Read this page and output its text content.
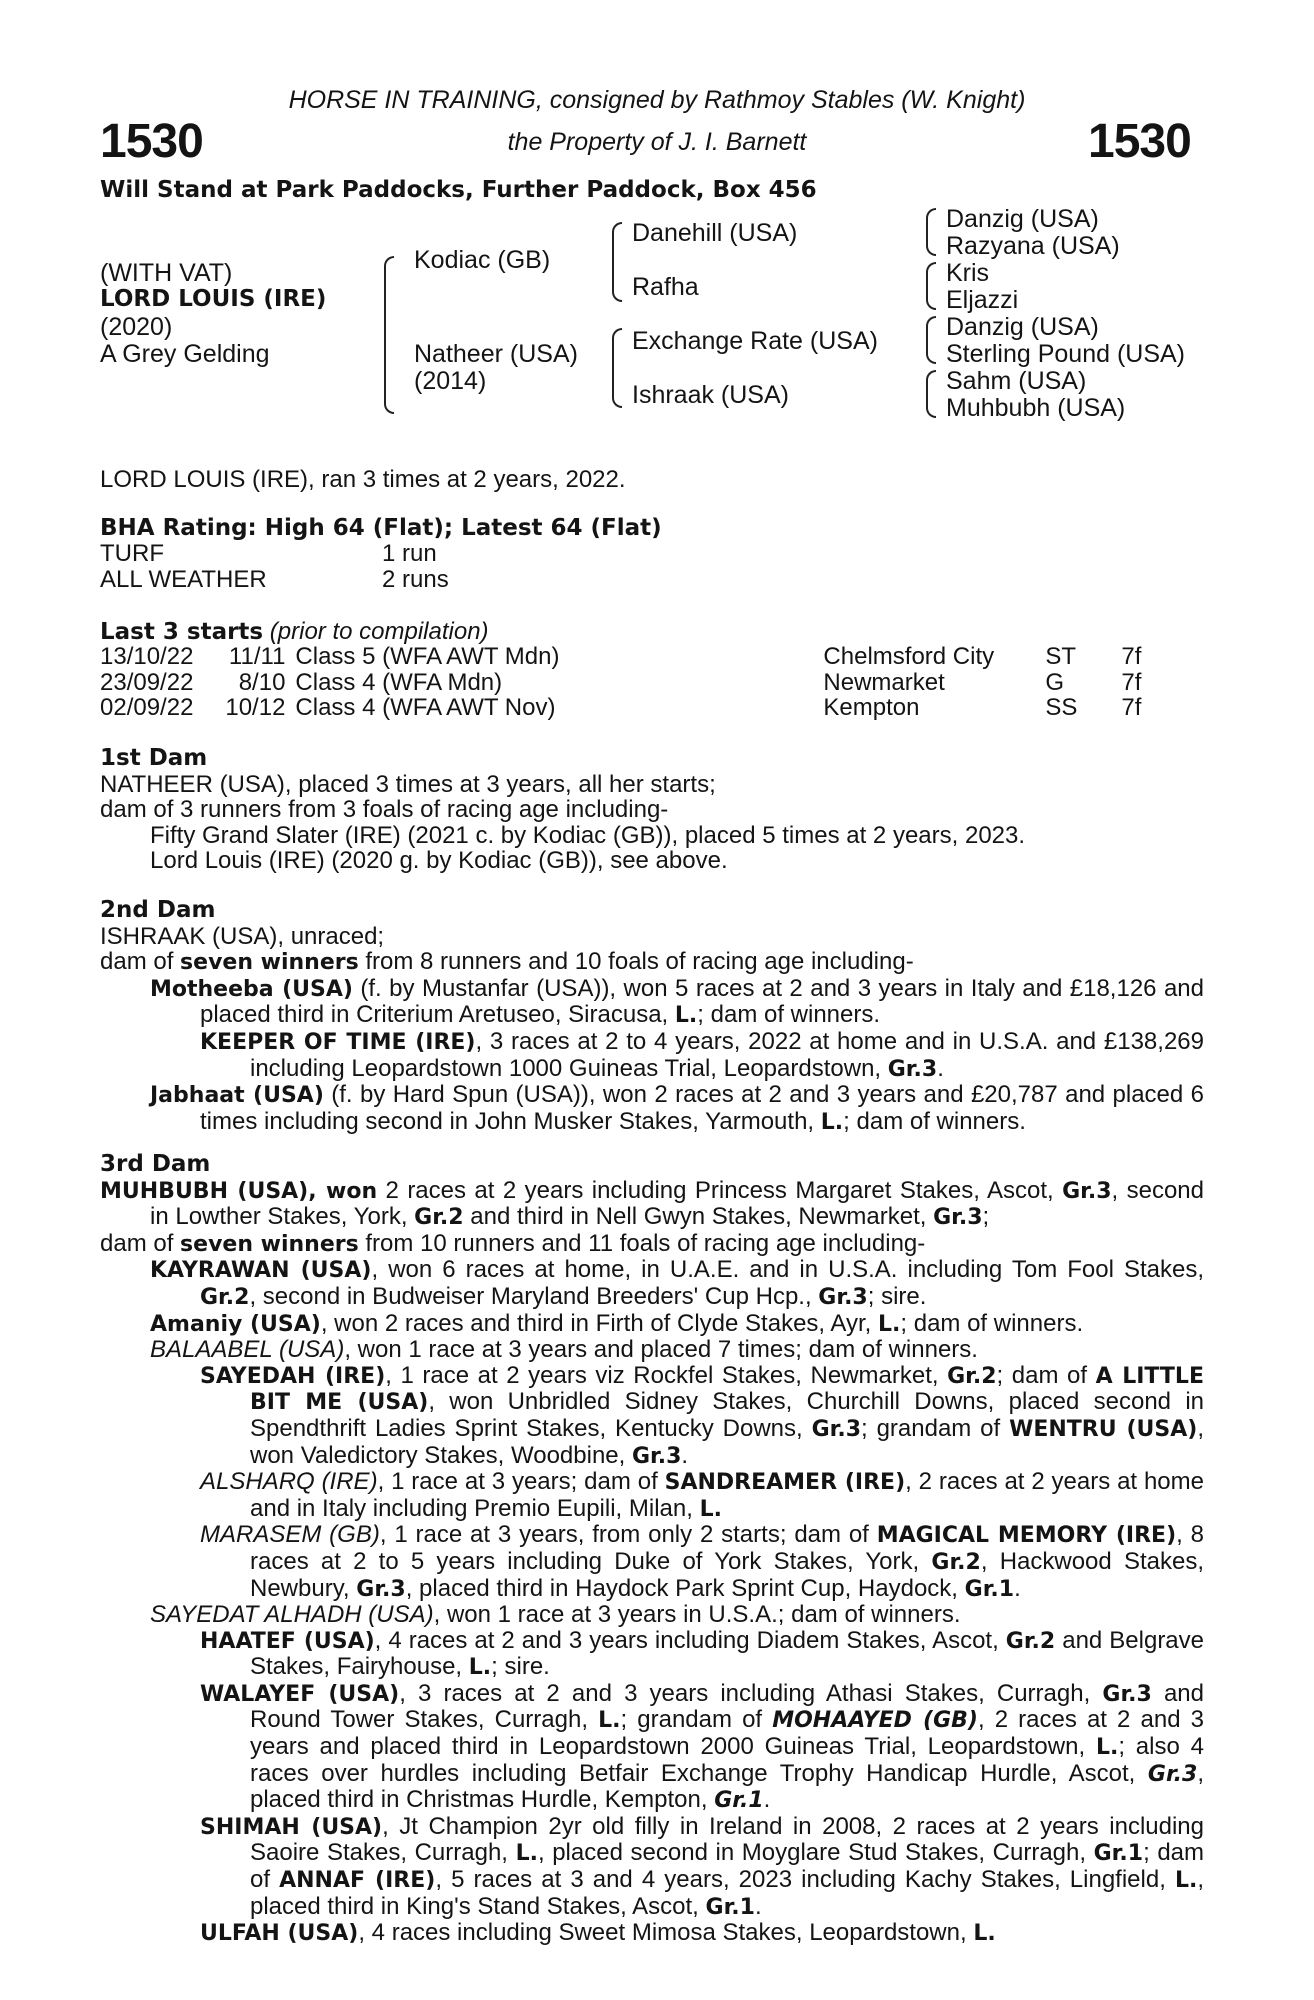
HORSE IN TRAINING, consigned by Rathmoy Stables (W. Knight)
the Property of J. I. Barnett
1530	1530
Will Stand at Park Paddocks, Further Paddock, Box 456
(WITH VAT)
LORD LOUIS (IRE)
(2020)
A Grey Gelding
Kodiac (GB)
Natheer (USA)
(2014)
Danehill (USA)
Rafha
Exchange Rate (USA)
Ishraak (USA)
Danzig (USA)
Razyana (USA)
Kris
Eljazzi
Danzig (USA)
Sterling Pound (USA)
Sahm (USA)
Muhbubh (USA)
LORD LOUIS (IRE), ran 3 times at 2 years, 2022.
BHA Rating: High 64 (Flat); Latest 64 (Flat)
TURF	1 run
ALL WEATHER	2 runs
Last 3 starts (prior to compilation)
13/10/22	11/11	Class 5 (WFA AWT Mdn)	Chelmsford City	ST	7f
23/09/22	8/10	Class 4 (WFA Mdn)	Newmarket	G	7f
02/09/22	10/12	Class 4 (WFA AWT Nov)	Kempton	SS	7f

1st Dam

NATHEER (USA), placed 3 times at 3 years, all her starts;

dam of 3 runners from 3 foals of racing age including-

Fifty Grand Slater (IRE) (2021 c. by Kodiac (GB)), placed 5 times at 2 years, 2023.

Lord Louis (IRE) (2020 g. by Kodiac (GB)), see above.

2nd Dam

ISHRAAK (USA), unraced;

dam of seven winners from 8 runners and 10 foals of racing age including-

Motheeba (USA) (f. by Mustanfar (USA)), won 5 races at 2 and 3 years in Italy and £18,126 and placed third in Criterium Aretuseo, Siracusa, L.; dam of winners.

KEEPER OF TIME (IRE), 3 races at 2 to 4 years, 2022 at home and in U.S.A. and £138,269 including Leopardstown 1000 Guineas Trial, Leopardstown, Gr.3.

Jabhaat (USA) (f. by Hard Spun (USA)), won 2 races at 2 and 3 years and £20,787 and placed 6 times including second in John Musker Stakes, Yarmouth, L.; dam of winners.

3rd Dam

MUHBUBH (USA), won 2 races at 2 years including Princess Margaret Stakes, Ascot, Gr.3, second in Lowther Stakes, York, Gr.2 and third in Nell Gwyn Stakes, Newmarket, Gr.3;

dam of seven winners from 10 runners and 11 foals of racing age including-

KAYRAWAN (USA), won 6 races at home, in U.A.E. and in U.S.A. including Tom Fool Stakes, Gr.2, second in Budweiser Maryland Breeders' Cup Hcp., Gr.3; sire.

Amaniy (USA), won 2 races and third in Firth of Clyde Stakes, Ayr, L.; dam of winners.

BALAABEL (USA), won 1 race at 3 years and placed 7 times; dam of winners.

SAYEDAH (IRE), 1 race at 2 years viz Rockfel Stakes, Newmarket, Gr.2; dam of A LITTLE BIT ME (USA), won Unbridled Sidney Stakes, Churchill Downs, placed second in Spendthrift Ladies Sprint Stakes, Kentucky Downs, Gr.3; grandam of WENTRU (USA), won Valedictory Stakes, Woodbine, Gr.3.

ALSHARQ (IRE), 1 race at 3 years; dam of SANDREAMER (IRE), 2 races at 2 years at home and in Italy including Premio Eupili, Milan, L.

MARASEM (GB), 1 race at 3 years, from only 2 starts; dam of MAGICAL MEMORY (IRE), 8 races at 2 to 5 years including Duke of York Stakes, York, Gr.2, Hackwood Stakes, Newbury, Gr.3, placed third in Haydock Park Sprint Cup, Haydock, Gr.1.

SAYEDAT ALHADH (USA), won 1 race at 3 years in U.S.A.; dam of winners.

HAATEF (USA), 4 races at 2 and 3 years including Diadem Stakes, Ascot, Gr.2 and Belgrave Stakes, Fairyhouse, L.; sire.

WALAYEF (USA), 3 races at 2 and 3 years including Athasi Stakes, Curragh, Gr.3 and Round Tower Stakes, Curragh, L.; grandam of MOHAAYED (GB), 2 races at 2 and 3 years and placed third in Leopardstown 2000 Guineas Trial, Leopardstown, L.; also 4 races over hurdles including Betfair Exchange Trophy Handicap Hurdle, Ascot, Gr.3, placed third in Christmas Hurdle, Kempton, Gr.1.

SHIMAH (USA), Jt Champion 2yr old filly in Ireland in 2008, 2 races at 2 years including Saoire Stakes, Curragh, L., placed second in Moyglare Stud Stakes, Curragh, Gr.1; dam of ANNAF (IRE), 5 races at 3 and 4 years, 2023 including Kachy Stakes, Lingfield, L., placed third in King's Stand Stakes, Ascot, Gr.1.

ULFAH (USA), 4 races including Sweet Mimosa Stakes, Leopardstown, L.
